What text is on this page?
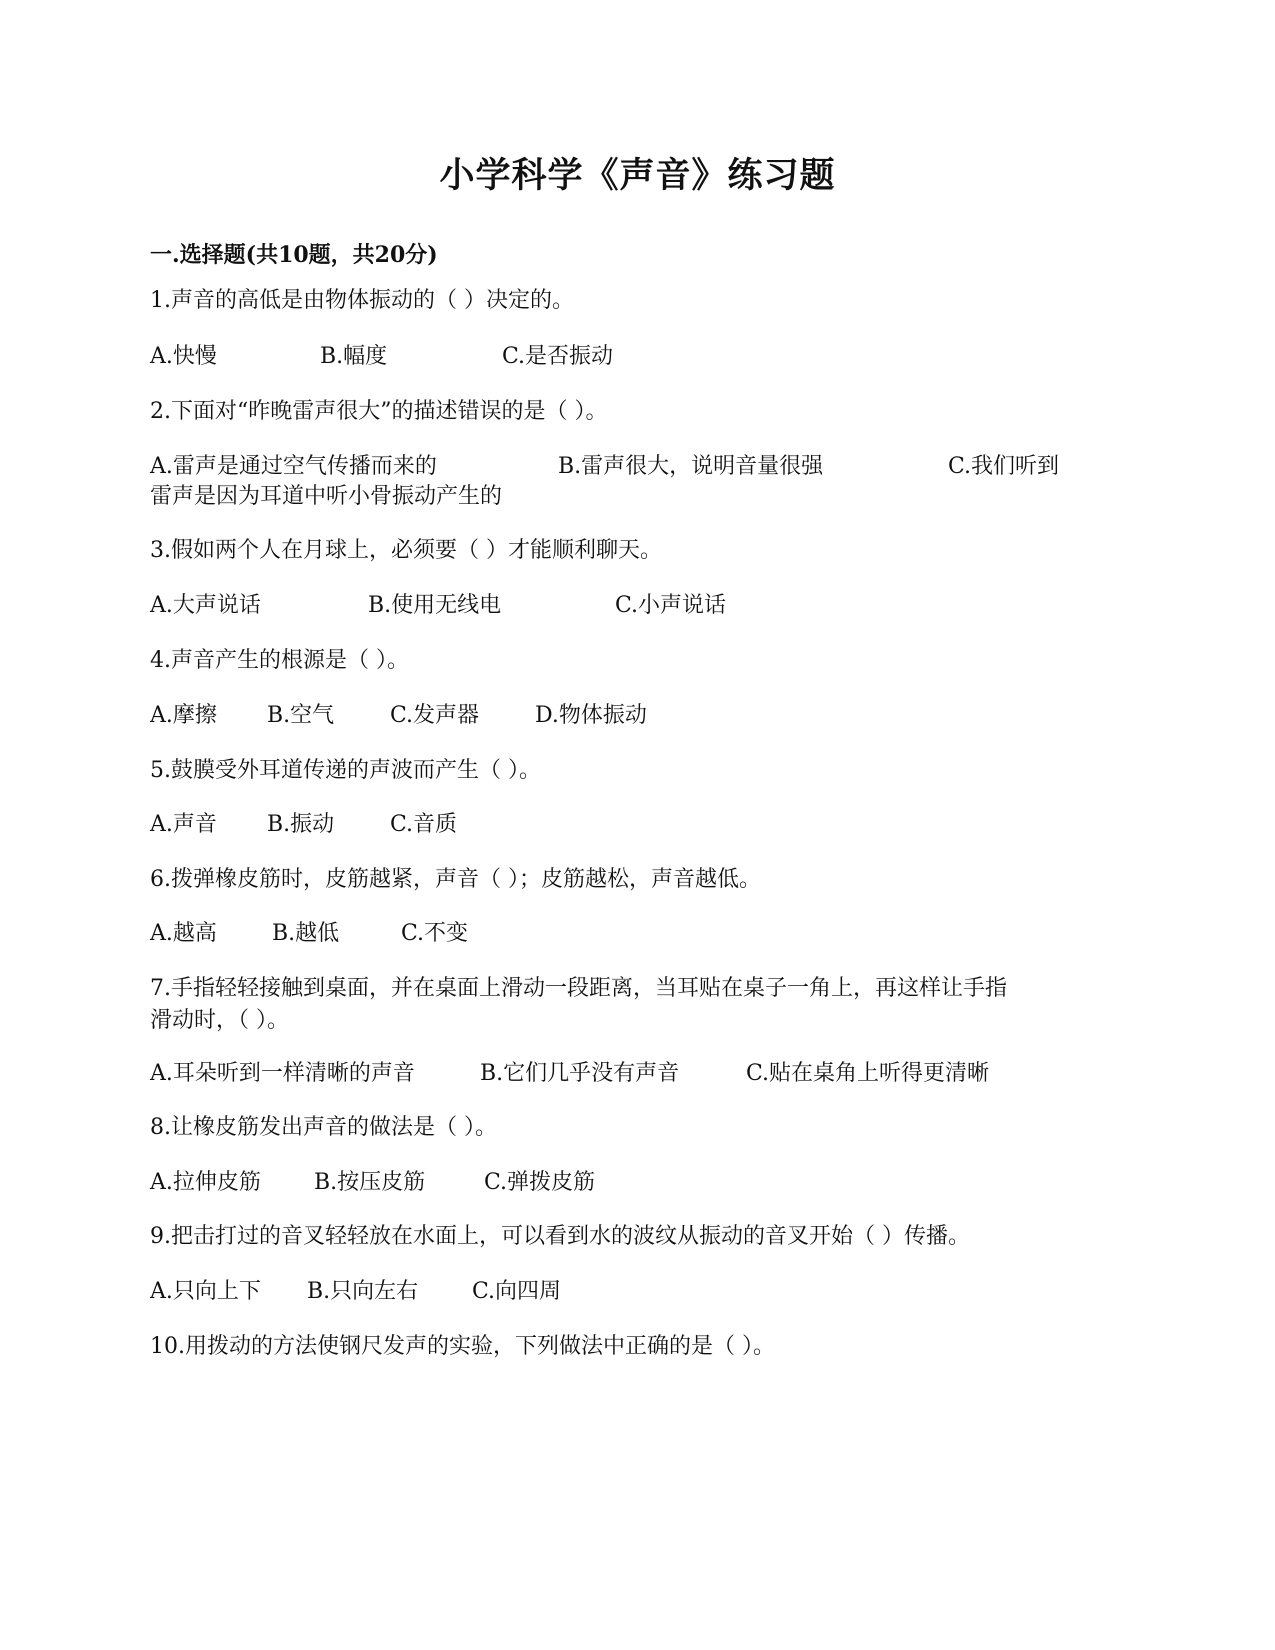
小学科学《声音》练习题
一.选择题(共10题，共20分)
1.声音的高低是由物体振动的（ ）决定的。
A.快慢	B.幅度	C.是否振动
2.下面对“昨晚雷声很大”的描述错误的是（ ）。
A.雷声是通过空气传播而来的	B.雷声很大，说明音量很强	C.我们听到
雷声是因为耳道中听小骨振动产生的
3.假如两个人在月球上，必须要（ ）才能顺利聊天。
A.大声说话	B.使用无线电	C.小声说话
4.声音产生的根源是（ ）。
A.摩擦 B.空气	C.发声器	D.物体振动
5.鼓膜受外耳道传递的声波而产生（ ）。
A.声音 B.振动	C.音质
6.拨弹橡皮筋时，皮筋越紧，声音（ ）；皮筋越松，声音越低。
A.越高	B.越低	C.不变
7.手指轻轻接触到桌面，并在桌面上滑动一段距离，当耳贴在桌子一角上，再这样让手指
滑动时，（ ）。
A.耳朵听到一样清晰的声音	B.它们几乎没有声音	C.贴在桌角上听得更清晰
8.让橡皮筋发出声音的做法是（ ）。
A.拉伸皮筋 B.按压皮筋	C.弹拨皮筋
9.把击打过的音叉轻轻放在水面上，可以看到水的波纹从振动的音叉开始（ ）传播。
A.只向上下 B.只向左右 C.向四周
10.用拨动的方法使钢尺发声的实验，下列做法中正确的是（ ）。
